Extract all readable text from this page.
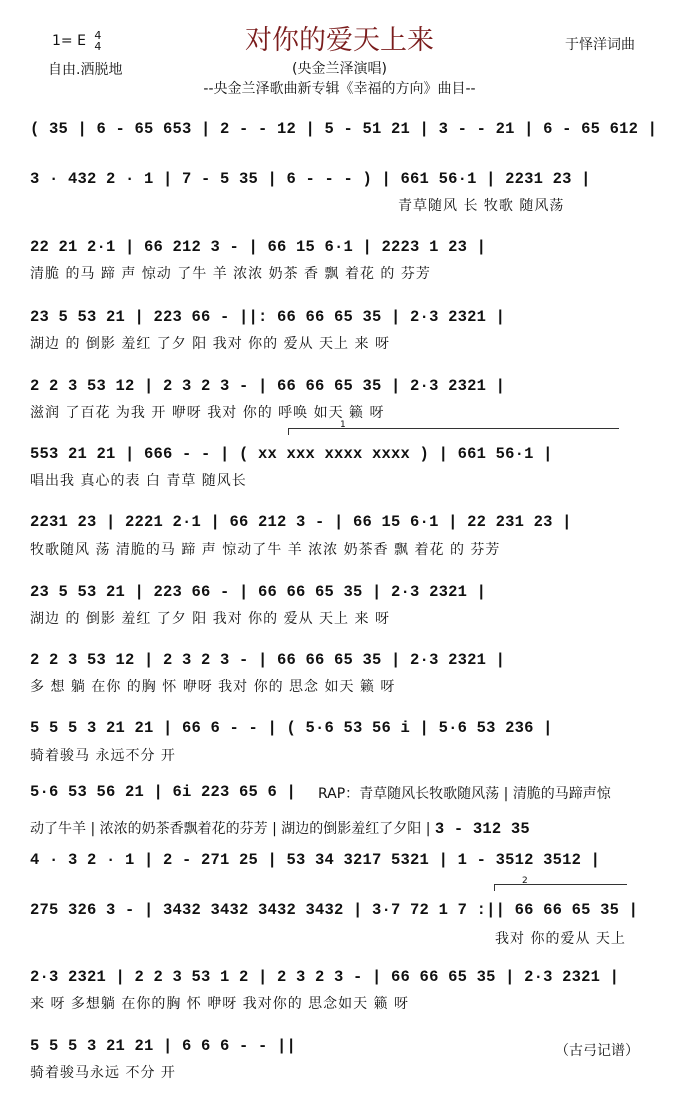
对你的爱天上来
1= E 4
4
自由.洒脱地
于怿洋词曲
(央金兰泽演唱)
--央金兰泽歌曲新专辑《幸福的方向》曲目--
( 35 | 6 - 65 653 | 2 - - 12 | 5 - 51 21 | 3 - - 21 | 6 - 65 612 |
3 · 432 2 · 1 | 7 - 5 35 | 6 - - - ) | 661 56·1 | 2231 23 |
青草随风 长 牧歌 随风荡
22 21 2·1 | 66 212 3 - | 66 15 6·1 | 2223 1 23 |
清脆 的马 蹄 声 惊动 了牛 羊 浓浓 奶茶 香 飘 着花 的 芬芳
23 5 53 21 | 223 66 - ||: 66 66 65 35 | 2·3 2321 |
湖边 的 倒影 羞红 了夕 阳 我对 你的 爱从 天上 来 呀
2 2 3 53 12 | 2 3 2 3 - | 66 66 65 35 | 2·3 2321 |
滋润 了百花 为我 开 咿呀 我对 你的 呼唤 如天 籁 呀
1
553 21 21 | 666 - - | ( xx xxx xxxx xxxx ) | 661 56·1 |
唱出我 真心的表 白 青草 随风长
2231 23 | 2221 2·1 | 66 212 3 - | 66 15 6·1 | 22 231 23 |
牧歌随风 荡 清脆的马 蹄 声 惊动了牛 羊 浓浓 奶茶香 飘 着花 的 芬芳
23 5 53 21 | 223 66 - | 66 66 65 35 | 2·3 2321 |
湖边 的 倒影 羞红 了夕 阳 我对 你的 爱从 天上 来 呀
2 2 3 53 12 | 2 3 2 3 - | 66 66 65 35 | 2·3 2321 |
多 想 躺 在你 的胸 怀 咿呀 我对 你的 思念 如天 籁 呀
5 5 5 3 21 21 | 66 6 - - | ( 5·6 53 56 i | 5·6 53 236 |
骑着骏马 永远不分 开
5·6 53 56 21 | 6i 223 65 6 | RAP：青草随风长牧歌随风荡 | 清脆的马蹄声惊
动了牛羊 | 浓浓的奶茶香飘着花的芬芳 | 湖边的倒影羞红了夕阳 | 3 - 312 35
4 · 3 2 · 1 | 2 - 271 25 | 53 34 3217 5321 | 1 - 3512 3512 |
2
275 326 3 - | 3432 3432 3432 3432 | 3·7 72 1 7 :|| 66 66 65 35 |
我对 你的爱从 天上
2·3 2321 | 2 2 3 53 1 2 | 2 3 2 3 - | 66 66 65 35 | 2·3 2321 |
来 呀 多想躺 在你的胸 怀 咿呀 我对你的 思念如天 籁 呀
5 5 5 3 21 21 | 6 6 6 - - ||
骑着骏马永远 不分 开
（古弓记谱）
